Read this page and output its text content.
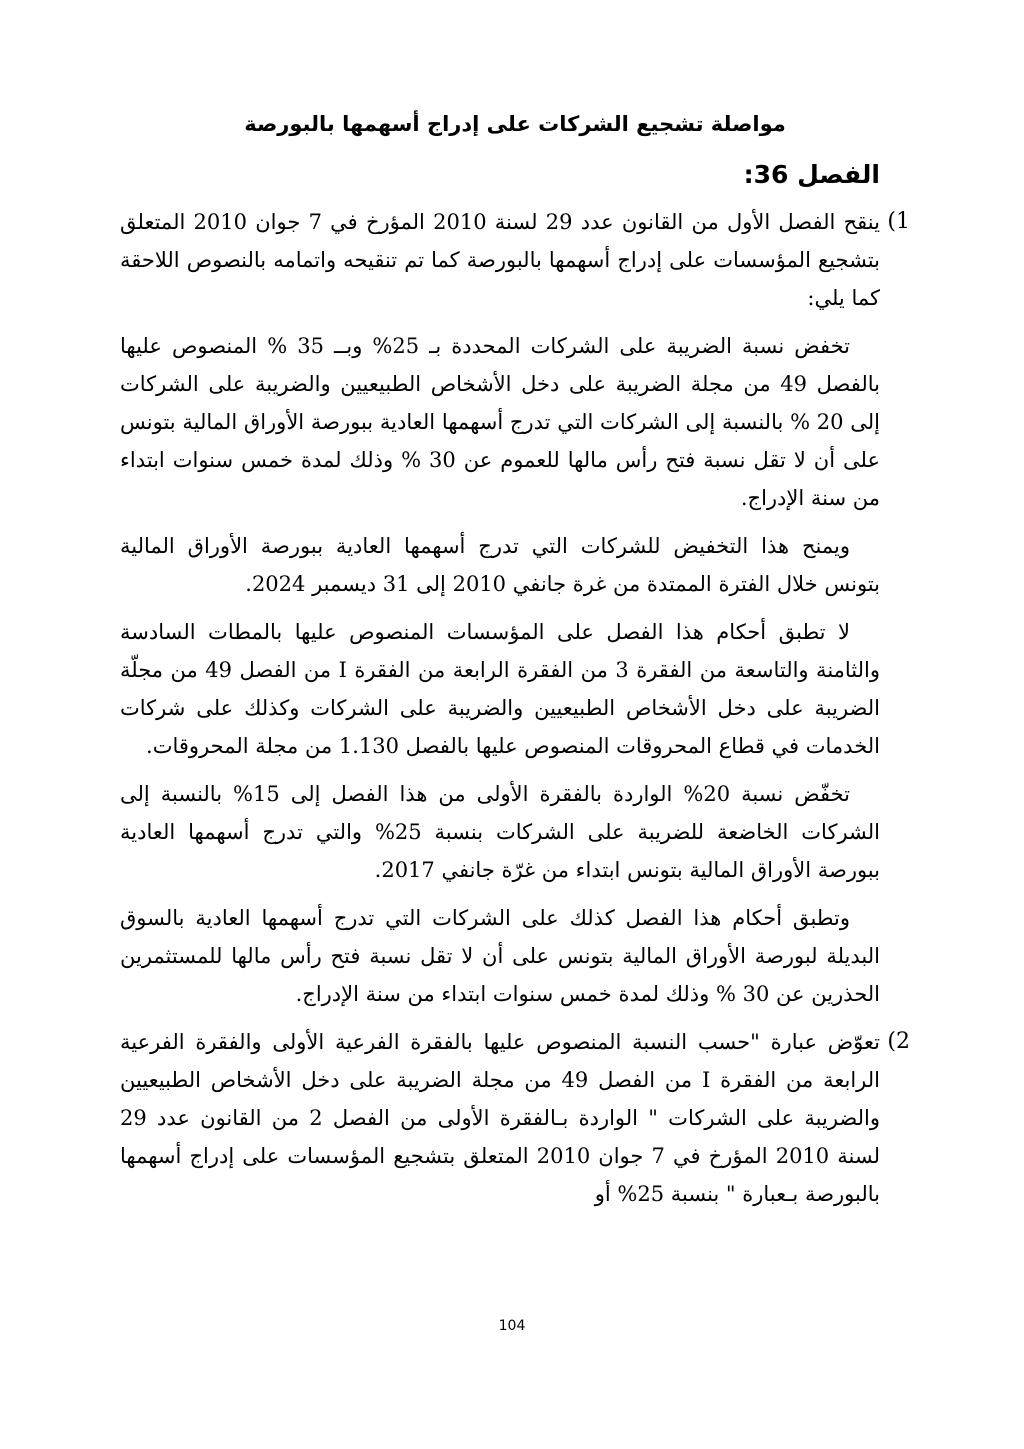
مواصلة تشجيع الشركات على إدراج أسهمها بالبورصة
الفصل 36:
1)
ينقح الفصل الأول من القانون عدد 29 لسنة 2010 المؤرخ في 7 جوان 2010 المتعلق بتشجيع المؤسسات على إدراج أسهمها بالبورصة كما تم تنقيحه واتمامه بالنصوص اللاحقة كما يلي:

تخفض نسبة الضريبة على الشركات المحددة بـ 25% وبــ 35 % المنصوص عليها بالفصل 49 من مجلة الضريبة على دخل الأشخاص الطبيعيين والضريبة على الشركات إلى 20 % بالنسبة إلى الشركات التي تدرج أسهمها العادية ببورصة الأوراق المالية بتونس على أن لا تقل نسبة فتح رأس مالها للعموم عن 30 % وذلك لمدة خمس سنوات ابتداء من سنة الإدراج.

ويمنح هذا التخفيض للشركات التي تدرج أسهمها العادية ببورصة الأوراق المالية بتونس خلال الفترة الممتدة من غرة جانفي 2010 إلى 31 ديسمبر 2024.

لا تطبق أحكام هذا الفصل على المؤسسات المنصوص عليها بالمطات السادسة والثامنة والتاسعة من الفقرة 3 من الفقرة الرابعة من الفقرة I من الفصل 49 من مجلّة الضريبة على دخل الأشخاص الطبيعيين والضريبة على الشركات وكذلك على شركات الخدمات في قطاع المحروقات المنصوص عليها بالفصل 1.130 من مجلة المحروقات.

تخفّض نسبة 20% الواردة بالفقرة الأولى من هذا الفصل إلى 15% بالنسبة إلى الشركات الخاضعة للضريبة على الشركات بنسبة 25% والتي تدرج أسهمها العادية ببورصة الأوراق المالية بتونس ابتداء من غرّة جانفي 2017.

وتطبق أحكام هذا الفصل كذلك على الشركات التي تدرج أسهمها العادية بالسوق البديلة لبورصة الأوراق المالية بتونس على أن لا تقل نسبة فتح رأس مالها للمستثمرين الحذرين عن 30 % وذلك لمدة خمس سنوات ابتداء من سنة الإدراج.

2)
تعوّض عبارة "حسب النسبة المنصوص عليها بالفقرة الفرعية الأولى والفقرة الفرعية الرابعة من الفقرة I من الفصل 49 من مجلة الضريبة على دخل الأشخاص الطبيعيين والضريبة على الشركات " الواردة بـالفقرة الأولى من الفصل 2 من القانون عدد 29 لسنة 2010 المؤرخ في 7 جوان 2010 المتعلق بتشجيع المؤسسات على إدراج أسهمها بالبورصة بـعبارة " بنسبة 25% أو
104
